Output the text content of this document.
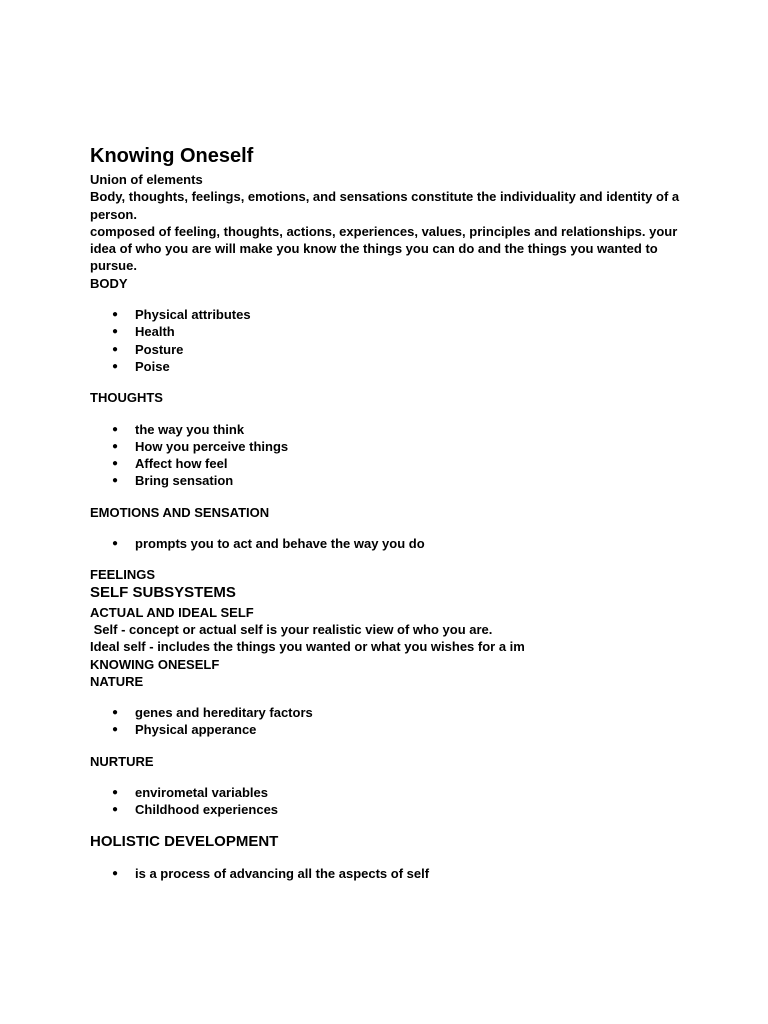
Knowing Oneself

Union of elements

Body, thoughts, feelings, emotions, and sensations constitute the individuality and identity of a person.

composed of feeling, thoughts, actions, experiences, values, principles and relationships. your idea of who you are will make you know the things you can do and the things you wanted to pursue.

BODY

● Physical attributes
● Health
● Posture
● Poise

THOUGHTS

● the way you think
● How you perceive things
● Affect how feel
● Bring sensation

EMOTIONS AND SENSATION

● prompts you to act and behave the way you do

FEELINGS

SELF SUBSYSTEMS

ACTUAL AND IDEAL SELF

Self - concept or actual self is your realistic view of who you are.

Ideal self - includes the things you wanted or what you wishes for a im

KNOWING ONESELF

NATURE

● genes and hereditary factors
● Physical apperance

NURTURE

● envirometal variables
● Childhood experiences
HOLISTIC DEVELOPMENT
● is a process of advancing all the aspects of self
